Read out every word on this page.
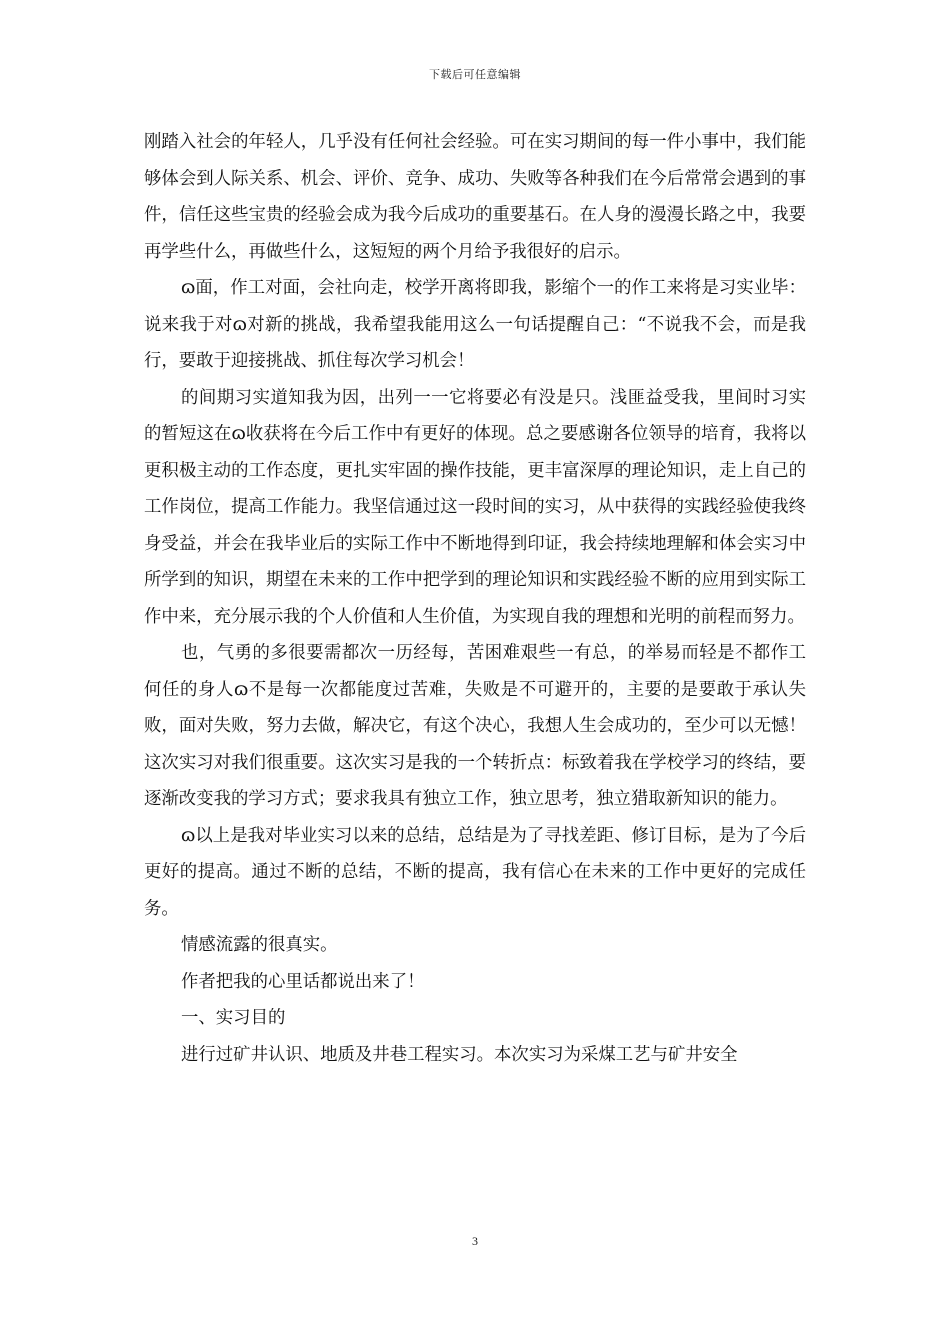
下载后可任意编辑

刚踏入社会的年轻人，几乎没有任何社会经验。可在实习期间的每一件小事中，我们能够体会到人际关系、机会、评价、竞争、成功、失败等各种我们在今后常常会遇到的事件，信任这些宝贵的经验会成为我今后成功的重要基石。在人身的漫漫长路之中，我要再学些什么，再做些什么，这短短的两个月给予我很好的启示。

ɷ面，作工对面，会社向走，校学开离将即我，影缩个一的作工来将是习实业毕：说来我于对ɷ对新的挑战，我希望我能用这么一句话提醒自己：“不说我不会，而是我行，要敢于迎接挑战、抓住每次学习机会！

的间期习实道知我为因，出列一一它将要必有没是只。浅匪益受我，里间时习实的暂短这在ɷ收获将在今后工作中有更好的体现。总之要感谢各位领导的培育，我将以更积极主动的工作态度，更扎实牢固的操作技能，更丰富深厚的理论知识，走上自己的工作岗位，提高工作能力。我坚信通过这一段时间的实习，从中获得的实践经验使我终身受益，并会在我毕业后的实际工作中不断地得到印证，我会持续地理解和体会实习中所学到的知识，期望在未来的工作中把学到的理论知识和实践经验不断的应用到实际工作中来，充分展示我的个人价值和人生价值，为实现自我的理想和光明的前程而努力。

也，气勇的多很要需都次一历经每，苦困难艰些一有总，的举易而轻是不都作工何任的身人ɷ不是每一次都能度过苦难，失败是不可避开的，主要的是要敢于承认失败，面对失败，努力去做，解决它，有这个决心，我想人生会成功的，至少可以无憾！这次实习对我们很重要。这次实习是我的一个转折点：标致着我在学校学习的终结，要逐渐改变我的学习方式；要求我具有独立工作，独立思考，独立猎取新知识的能力。

ɷ以上是我对毕业实习以来的总结，总结是为了寻找差距、修订目标，是为了今后更好的提高。通过不断的总结，不断的提高，我有信心在未来的工作中更好的完成任务。

情感流露的很真实。

作者把我的心里话都说出来了！

一、实习目的

进行过矿井认识、地质及井巷工程实习。本次实习为采煤工艺与矿井安全

3
